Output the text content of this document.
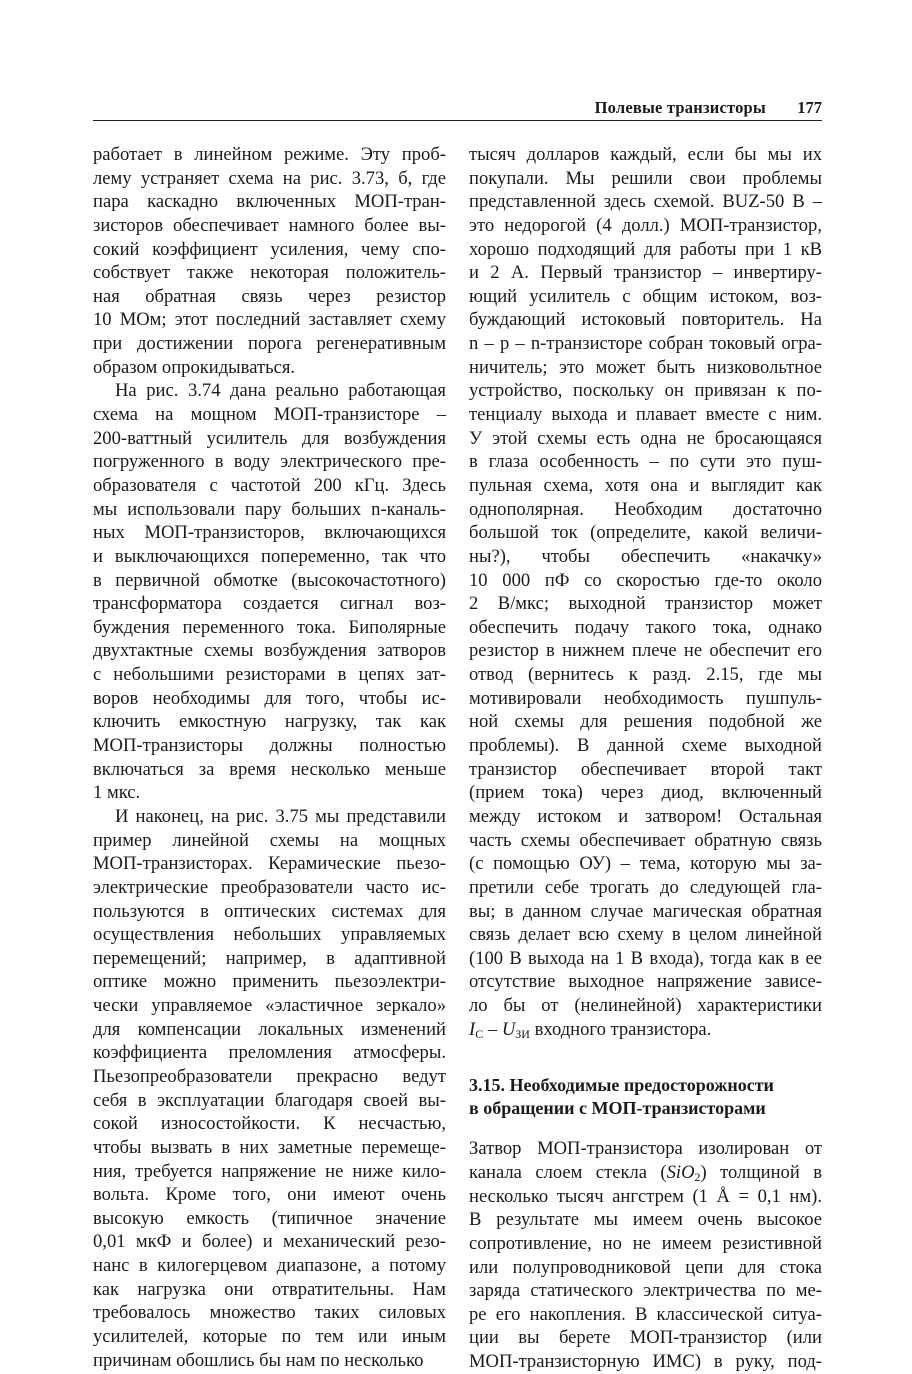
Полевые транзисторы 177
работает в линейном режиме. Эту проб-
лему устраняет схема на рис. 3.73, б, где
пара каскадно включенных МОП-тран-
зисторов обеспечивает намного более вы-
сокий коэффициент усиления, чему спо-
собствует также некоторая положитель-
ная обратная связь через резистор
10 МОм; этот последний заставляет схему
при достижении порога регенеративным
образом опрокидываться.
На рис. 3.74 дана реально работающая
схема на мощном МОП-транзисторе –
200-ваттный усилитель для возбуждения
погруженного в воду электрического пре-
образователя с частотой 200 кГц. Здесь
мы использовали пару больших n-каналь-
ных МОП-транзисторов, включающихся
и выключающихся попеременно, так что
в первичной обмотке (высокочастотного)
трансформатора создается сигнал воз-
буждения переменного тока. Биполярные
двухтактные схемы возбуждения затворов
с небольшими резисторами в цепях зат-
воров необходимы для того, чтобы ис-
ключить емкостную нагрузку, так как
МОП-транзисторы должны полностью
включаться за время несколько меньше
1 мкс.
И наконец, на рис. 3.75 мы представили
пример линейной схемы на мощных
МОП-транзисторах. Керамические пьезо-
электрические преобразователи часто ис-
пользуются в оптических системах для
осуществления небольших управляемых
перемещений; например, в адаптивной
оптике можно применить пьезоэлектри-
чески управляемое «эластичное зеркало»
для компенсации локальных изменений
коэффициента преломления атмосферы.
Пьезопреобразователи прекрасно ведут
себя в эксплуатации благодаря своей вы-
сокой износостойкости. К несчастью,
чтобы вызвать в них заметные перемеще-
ния, требуется напряжение не ниже кило-
вольта. Кроме того, они имеют очень
высокую емкость (типичное значение
0,01 мкФ и более) и механический резо-
нанс в килогерцевом диапазоне, а потому
как нагрузка они отвратительны. Нам
требовалось множество таких силовых
усилителей, которые по тем или иным
причинам обошлись бы нам по несколько
тысяч долларов каждый, если бы мы их
покупали. Мы решили свои проблемы
представленной здесь схемой. BUZ-50 B –
это недорогой (4 долл.) МОП-транзистор,
хорошо подходящий для работы при 1 кВ
и 2 А. Первый транзистор – инвертиру-
ющий усилитель с общим истоком, воз-
буждающий истоковый повторитель. На
n – p – n-транзисторе собран токовый огра-
ничитель; это может быть низковольтное
устройство, поскольку он привязан к по-
тенциалу выхода и плавает вместе с ним.
У этой схемы есть одна не бросающаяся
в глаза особенность – по сути это пуш-
пульная схема, хотя она и выглядит как
однополярная. Необходим достаточно
большой ток (определите, какой величи-
ны?), чтобы обеспечить «накачку»
10 000 пФ со скоростью где-то около
2 В/мкс; выходной транзистор может
обеспечить подачу такого тока, однако
резистор в нижнем плече не обеспечит его
отвод (вернитесь к разд. 2.15, где мы
мотивировали необходимость пушпуль-
ной схемы для решения подобной же
проблемы). В данной схеме выходной
транзистор обеспечивает второй такт
(прием тока) через диод, включенный
между истоком и затвором! Остальная
часть схемы обеспечивает обратную связь
(с помощью ОУ) – тема, которую мы за-
претили себе трогать до следующей гла-
вы; в данном случае магическая обратная
связь делает всю схему в целом линейной
(100 В выхода на 1 В входа), тогда как в ее
отсутствие выходное напряжение зависе-
ло бы от (нелинейной) характеристики
$I_C - U_{ЗИ}$ входного транзистора.
3.15. Необходимые предосторожности
в обращении с МОП-транзисторами
Затвор МОП-транзистора изолирован от
канала слоем стекла (SiO$_2$) толщиной в
несколько тысяч ангстрем (1 Å = 0,1 нм).
В результате мы имеем очень высокое
сопротивление, но не имеем резистивной
или полупроводниковой цепи для стока
заряда статического электричества по ме-
ре его накопления. В классической ситуа-
ции вы берете МОП-транзистор (или
МОП-транзисторную ИМС) в руку, под-
